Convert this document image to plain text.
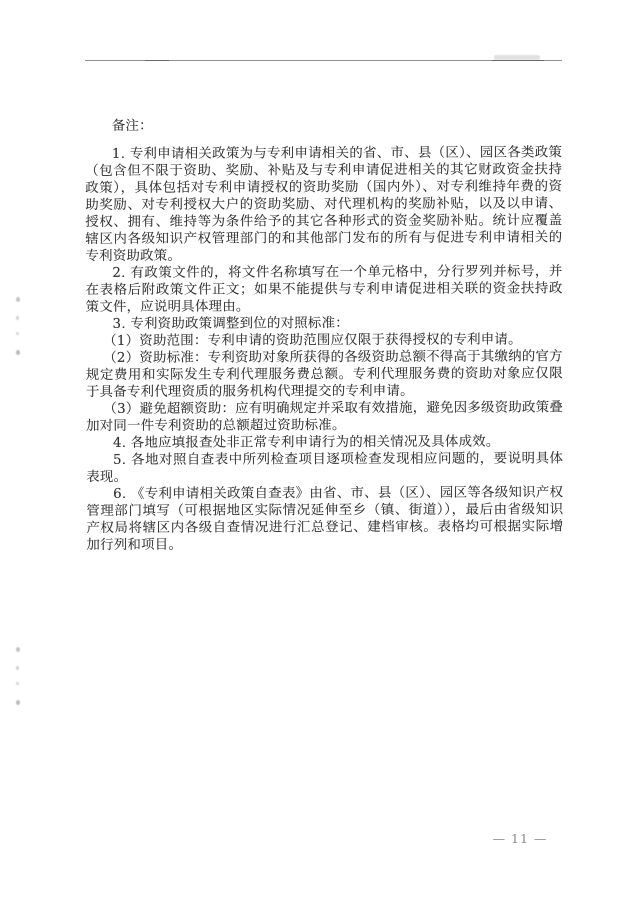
备注：

1. 专利申请相关政策为与专利申请相关的省、市、县（区）、园区各类政策（包含但不限于资助、奖励、补贴及与专利申请促进相关的其它财政资金扶持政策），具体包括对专利申请授权的资助奖励（国内外）、对专利维持年费的资助奖励、对专利授权大户的资助奖励、对代理机构的奖励补贴，以及以申请、授权、拥有、维持等为条件给予的其它各种形式的资金奖励补贴。统计应覆盖辖区内各级知识产权管理部门的和其他部门发布的所有与促进专利申请相关的专利资助政策。

2. 有政策文件的，将文件名称填写在一个单元格中，分行罗列并标号，并在表格后附政策文件正文；如果不能提供与专利申请促进相关联的资金扶持政策文件，应说明具体理由。

3. 专利资助政策调整到位的对照标准：

（1）资助范围：专利申请的资助范围应仅限于获得授权的专利申请。

（2）资助标准：专利资助对象所获得的各级资助总额不得高于其缴纳的官方规定费用和实际发生专利代理服务费总额。专利代理服务费的资助对象应仅限于具备专利代理资质的服务机构代理提交的专利申请。

（3）避免超额资助：应有明确规定并采取有效措施，避免因多级资助政策叠加对同一件专利资助的总额超过资助标准。

4. 各地应填报查处非正常专利申请行为的相关情况及具体成效。

5. 各地对照自查表中所列检查项目逐项检查发现相应问题的，要说明具体表现。

6. 《专利申请相关政策自查表》由省、市、县（区）、园区等各级知识产权管理部门填写（可根据地区实际情况延伸至乡（镇、街道）），最后由省级知识产权局将辖区内各级自查情况进行汇总登记、建档审核。表格均可根据实际增加行列和项目。

— 11 —
